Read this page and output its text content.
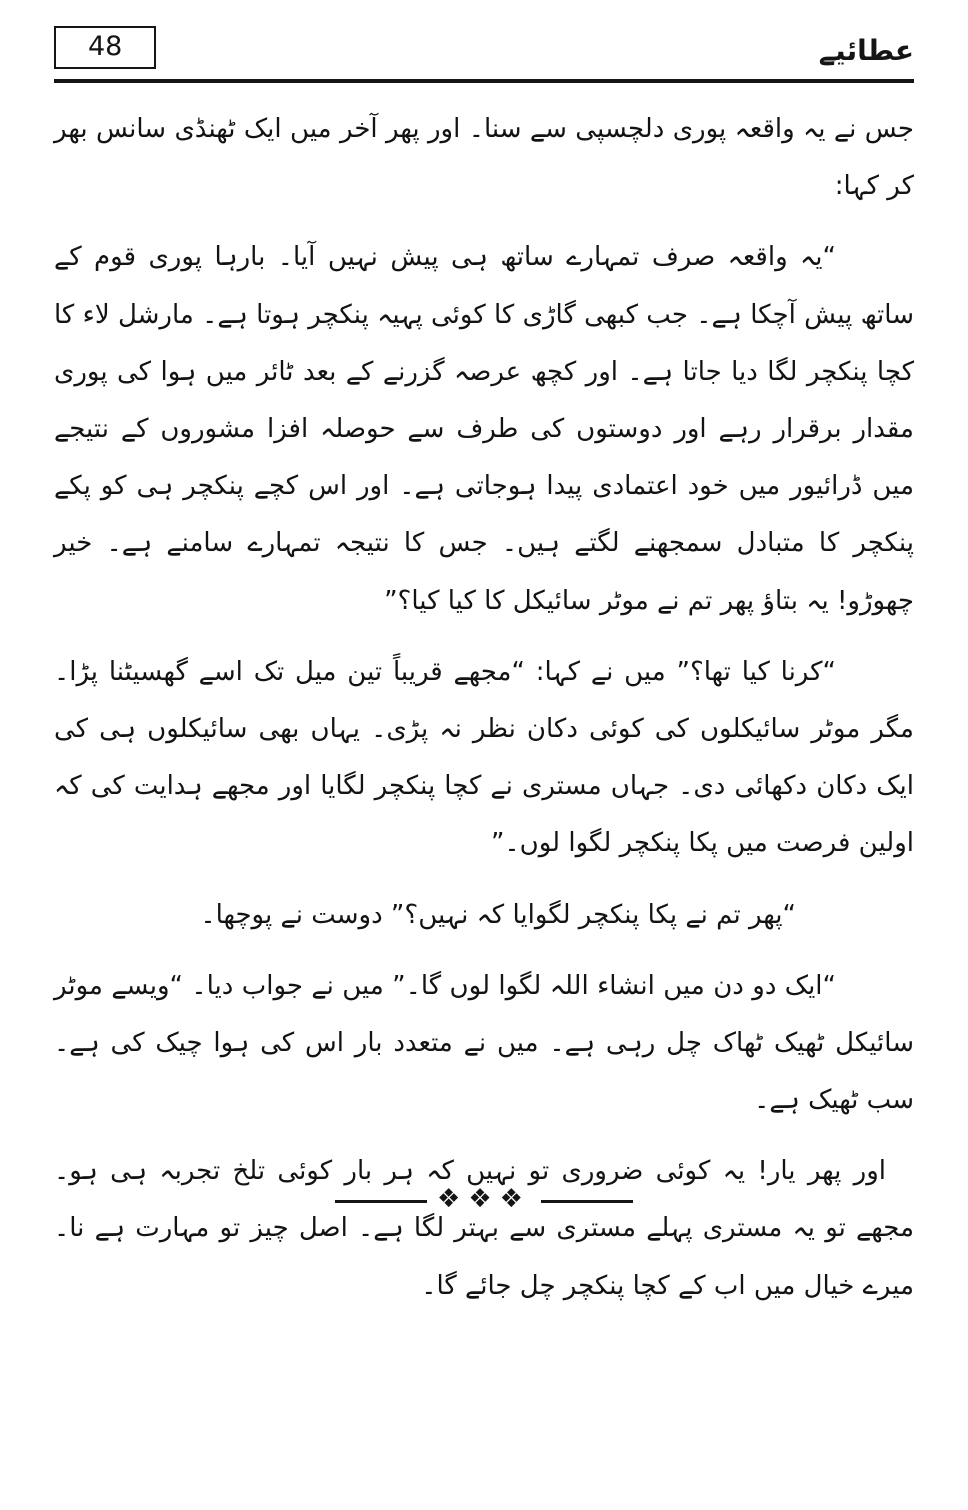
48	عطائیے

جس نے یہ واقعہ پوری دلچسپی سے سنا۔ اور پھر آخر میں ایک ٹھنڈی سانس بھر کر کہا:

“یہ واقعہ صرف تمہارے ساتھ ہی پیش نہیں آیا۔ بارہا پوری قوم کے ساتھ پیش آچکا ہے۔ جب کبھی گاڑی کا کوئی پہیہ پنکچر ہوتا ہے۔ مارشل لاء کا کچا پنکچر لگا دیا جاتا ہے۔ اور کچھ عرصہ گزرنے کے بعد ٹائر میں ہوا کی پوری مقدار برقرار رہے اور دوستوں کی طرف سے حوصلہ افزا مشوروں کے نتیجے میں ڈرائیور میں خود اعتمادی پیدا ہوجاتی ہے۔ اور اس کچے پنکچر ہی کو پکے پنکچر کا متبادل سمجھنے لگتے ہیں۔ جس کا نتیجہ تمہارے سامنے ہے۔ خیر چھوڑو! یہ بتاؤ پھر تم نے موٹر سائیکل کا کیا کیا؟”

“کرنا کیا تھا؟” میں نے کہا: “مجھے قریباً تین میل تک اسے گھسیٹنا پڑا۔ مگر موٹر سائیکلوں کی کوئی دکان نظر نہ پڑی۔ یہاں بھی سائیکلوں ہی کی ایک دکان دکھائی دی۔ جہاں مستری نے کچا پنکچر لگایا اور مجھے ہدایت کی کہ اولین فرصت میں پکا پنکچر لگوا لوں۔”

“پھر تم نے پکا پنکچر لگوایا کہ نہیں؟” دوست نے پوچھا۔

“ایک دو دن میں انشاء اللہ لگوا لوں گا۔” میں نے جواب دیا۔ “ویسے موٹر سائیکل ٹھیک ٹھاک چل رہی ہے۔ میں نے متعدد بار اس کی ہوا چیک کی ہے۔ سب ٹھیک ہے۔

اور پھر یار! یہ کوئی ضروری تو نہیں کہ ہر بار کوئی تلخ تجربہ ہی ہو۔ مجھے تو یہ مستری پہلے مستری سے بہتر لگا ہے۔ اصل چیز تو مہارت ہے نا۔ میرے خیال میں اب کے کچا پنکچر چل جائے گا۔

❖❖❖
